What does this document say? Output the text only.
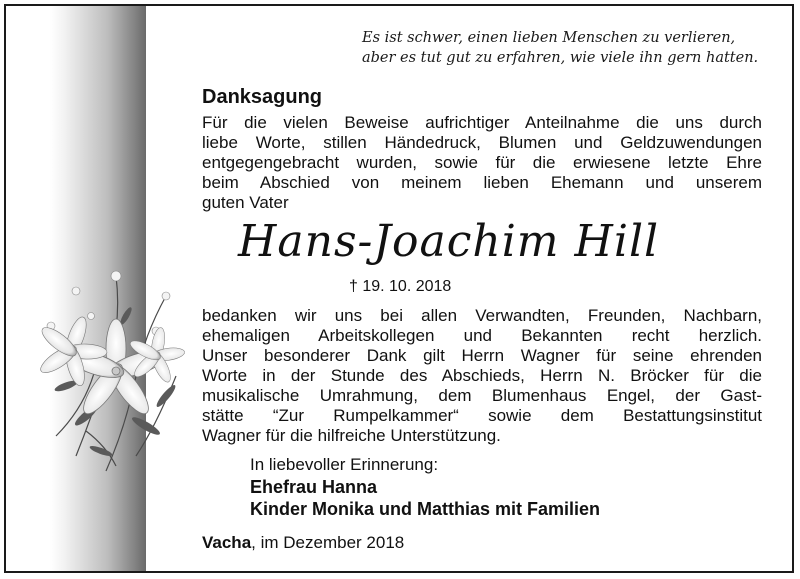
Es ist schwer, einen lieben Menschen zu verlieren,
aber es tut gut zu erfahren, wie viele ihn gern hatten.
Danksagung
Für die vielen Beweise aufrichtiger Anteilnahme die uns durch
liebe Worte, stillen Händedruck, Blumen und Geldzuwendungen
entgegengebracht wurden, sowie für die erwiesene letzte Ehre
beim Abschied von meinem lieben Ehemann und unserem
guten Vater
Hans-Joachim Hill
† 19. 10. 2018
bedanken wir uns bei allen Verwandten, Freunden, Nachbarn,
ehemaligen Arbeitskollegen und Bekannten recht herzlich.
Unser besonderer Dank gilt Herrn Wagner für seine ehrenden
Worte in der Stunde des Abschieds, Herrn N. Bröcker für die
musikalische Umrahmung, dem Blumenhaus Engel, der Gast-
stätte “Zur Rumpelkammer“ sowie dem Bestattungsinstitut
Wagner für die hilfreiche Unterstützung.
In liebevoller Erinnerung:
Ehefrau Hanna
Kinder Monika und Matthias mit Familien
Vacha, im Dezember 2018
